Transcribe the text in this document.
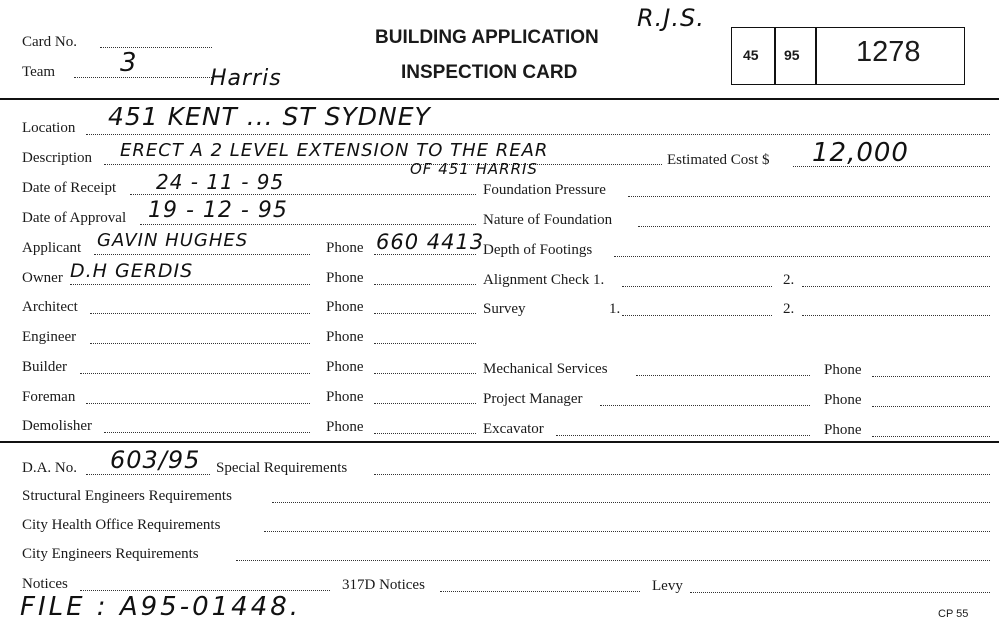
Card No.
Team 3
Harris
BUILDING APPLICATION
INSPECTION CARD
R.J.S.
45 95 1278
Location 451 KENT ... ST SYDNEY
Description ERECT A 2 LEVEL EXTENSION TO THE REAR
OF 451 HARRIS	Estimated Cost $ 12,000
Date of Receipt 24 - 11 - 95	Foundation Pressure
Date of Approval 19 - 12 - 95	Nature of Foundation
Applicant GAVIN HUGHES	Phone 660 4413
Depth of Footings
Owner D.H GERDIS	Phone	Alignment Check 1.	2.
Architect	Phone	Survey	1.	2.
Engineer	Phone
Builder	Phone	Mechanical Services	Phone
Foreman	Phone	Project Manager	Phone
Demolisher	Phone	Excavator	Phone
D.A. No. 603/95 Special Requirements
Structural Engineers Requirements
City Health Office Requirements
City Engineers Requirements
Notices	317D Notices	Levy
FILE : A95-01448.	CP 55
